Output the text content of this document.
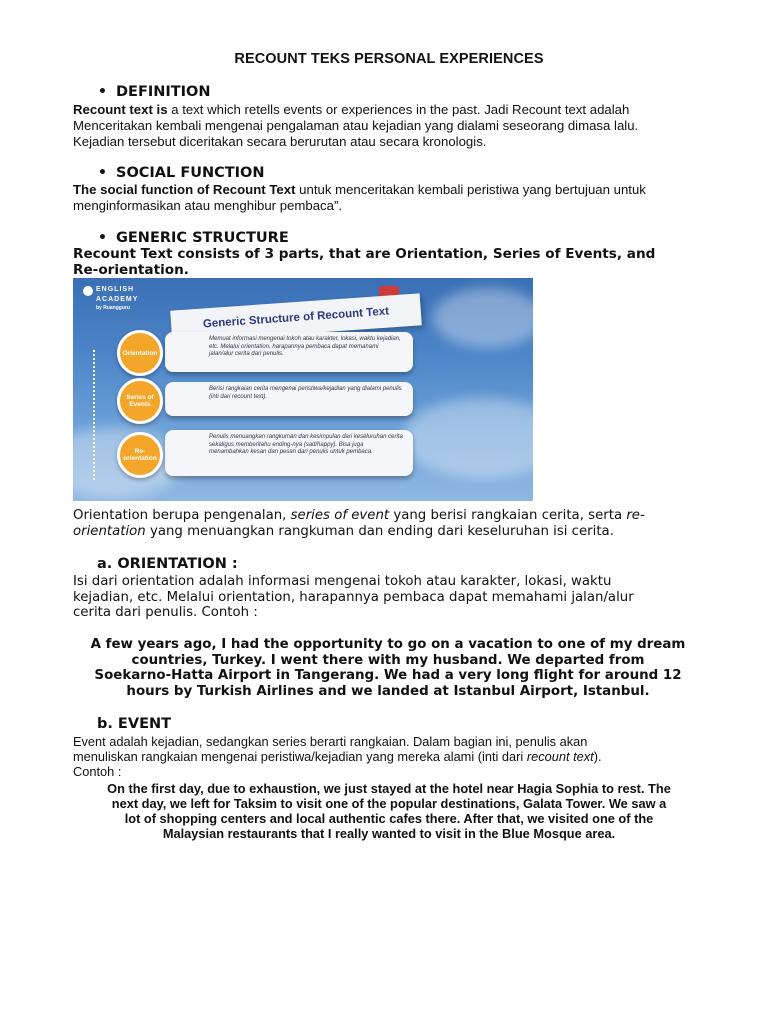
RECOUNT TEKS PERSONAL EXPERIENCES
• DEFINITION
Recount text is a text which retells events or experiences in the past. Jadi Recount text adalah
Menceritakan kembali mengenai pengalaman atau kejadian yang dialami seseorang dimasa lalu.
Kejadian tersebut diceritakan secara berurutan atau secara kronologis.
• SOCIAL FUNCTION
The social function of Recount Text untuk menceritakan kembali peristiwa yang bertujuan untuk
menginformasikan atau menghibur pembaca”.
• GENERIC STRUCTURE
Recount Text consists of 3 parts, that are Orientation, Series of Events, and
Re-orientation.
ENGLISH
ACADEMY
by Ruangguru	Generic Structure of Recount Text
Memuat informasi mengenai tokoh atau karakter, lokasi, waktu kejadian, etc. Melalui orientation, harapannya pembaca dapat memahami jalan/alur cerita dari penulis.
Orientation
Berisi rangkaian cerita mengenai peristiwa/kejadian yang dialami penulis (inti dari recount text).
Series of Events
Penulis menuangkan rangkuman dan kesimpulan dari keseluruhan cerita sekaligus memberitahu ending-nya (sad/happy). Bisa juga menambahkan kesan dan pesan dari penulis untuk pembaca.
Re-orientation
Orientation berupa pengenalan, series of event yang berisi rangkaian cerita, serta re-
orientation yang menuangkan rangkuman dan ending dari keseluruhan isi cerita.
a. ORIENTATION :
Isi dari orientation adalah informasi mengenai tokoh atau karakter, lokasi, waktu
kejadian, etc. Melalui orientation, harapannya pembaca dapat memahami jalan/alur
cerita dari penulis. Contoh :
A few years ago, I had the opportunity to go on a vacation to one of my dream
countries, Turkey. I went there with my husband. We departed from
Soekarno-Hatta Airport in Tangerang. We had a very long flight for around 12
hours by Turkish Airlines and we landed at Istanbul Airport, Istanbul.
b. EVENT
Event adalah kejadian, sedangkan series berarti rangkaian. Dalam bagian ini, penulis akan
menuliskan rangkaian mengenai peristiwa/kejadian yang mereka alami (inti dari recount text).
Contoh :
On the first day, due to exhaustion, we just stayed at the hotel near Hagia Sophia to rest. The
next day, we left for Taksim to visit one of the popular destinations, Galata Tower. We saw a
lot of shopping centers and local authentic cafes there. After that, we visited one of the
Malaysian restaurants that I really wanted to visit in the Blue Mosque area.
